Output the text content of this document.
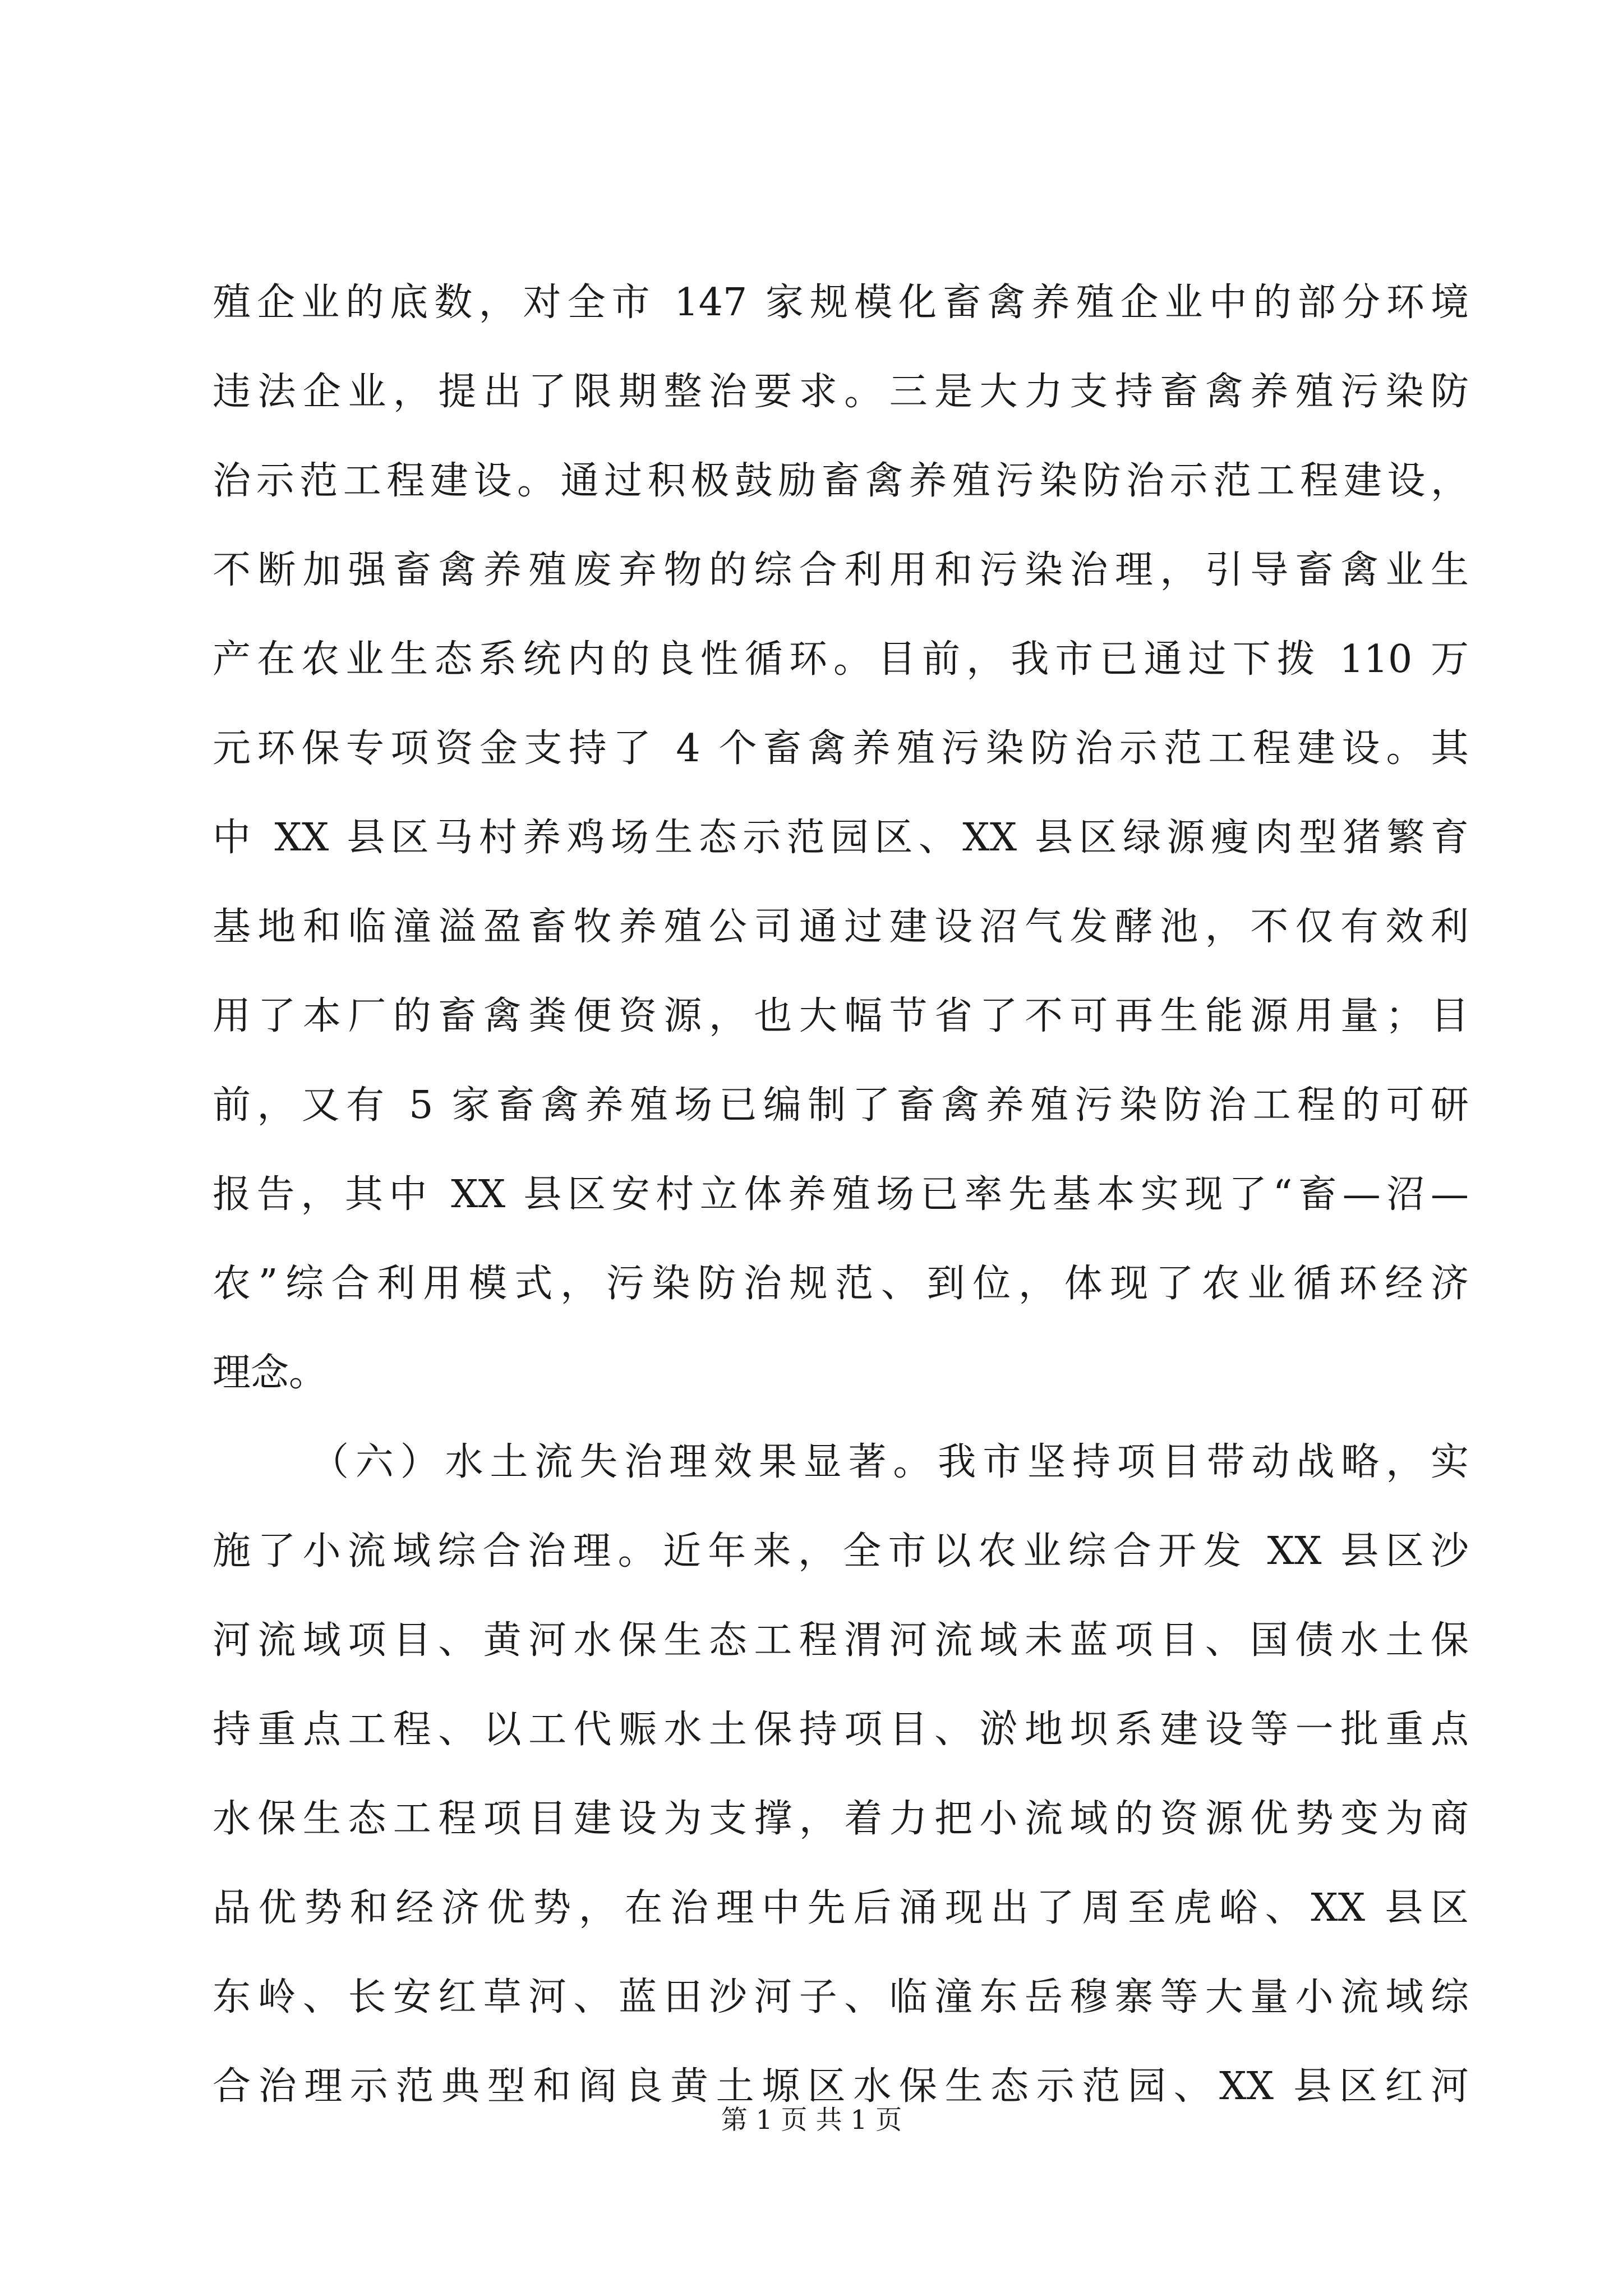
殖企业的底数，对全市 147 家规模化畜禽养殖企业中的部分环境
违法企业，提出了限期整治要求。三是大力支持畜禽养殖污染防
治示范工程建设。通过积极鼓励畜禽养殖污染防治示范工程建设，
不断加强畜禽养殖废弃物的综合利用和污染治理，引导畜禽业生
产在农业生态系统内的良性循环。目前，我市已通过下拨 110 万
元环保专项资金支持了 4 个畜禽养殖污染防治示范工程建设。其
中 XX 县区马村养鸡场生态示范园区、XX 县区绿源瘦肉型猪繁育
基地和临潼溢盈畜牧养殖公司通过建设沼气发酵池，不仅有效利
用了本厂的畜禽粪便资源，也大幅节省了不可再生能源用量；目
前，又有 5 家畜禽养殖场已编制了畜禽养殖污染防治工程的可研
报告，其中 XX 县区安村立体养殖场已率先基本实现了“畜—沼—
农”综合利用模式，污染防治规范、到位，体现了农业循环经济
理念。
（六）水土流失治理效果显著。我市坚持项目带动战略，实
施了小流域综合治理。近年来，全市以农业综合开发 XX 县区沙
河流域项目、黄河水保生态工程渭河流域未蓝项目、国债水土保
持重点工程、以工代赈水土保持项目、淤地坝系建设等一批重点
水保生态工程项目建设为支撑，着力把小流域的资源优势变为商
品优势和经济优势，在治理中先后涌现出了周至虎峪、XX 县区
东岭、长安红草河、蓝田沙河子、临潼东岳穆寨等大量小流域综
合治理示范典型和阎良黄土塬区水保生态示范园、XX 县区红河
第 1 页 共 1 页
